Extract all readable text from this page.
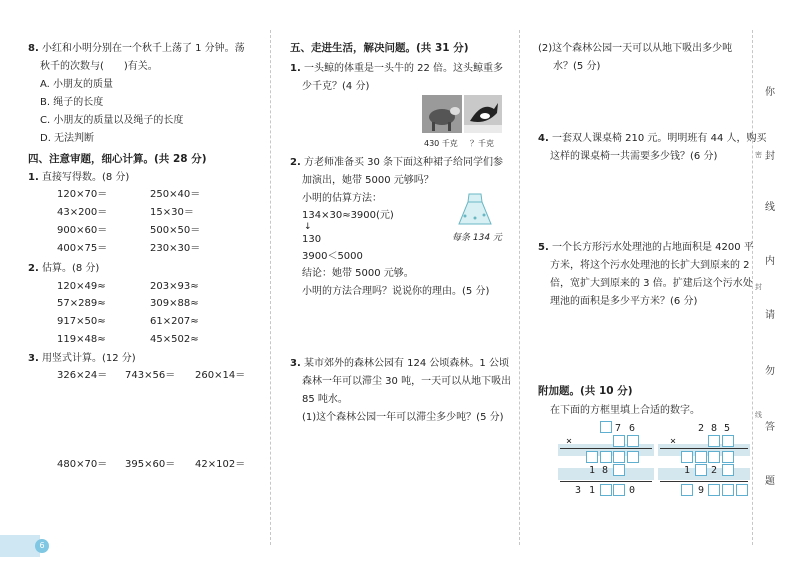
8. 小红和小明分别在一个秋千上荡了 1 分钟。荡
秋千的次数与(　　)有关。
A. 小朋友的质量
B. 绳子的长度
C. 小朋友的质量以及绳子的长度
D. 无法判断
四、注意审题，细心计算。(共 28 分)
1. 直接写得数。(8 分)
120×70＝	250×40＝
43×200＝	15×30＝
900×60＝	500×50＝
400×75＝	230×30＝
2. 估算。(8 分)
120×49≈	203×93≈
57×289≈	309×88≈
917×50≈	61×207≈
119×48≈	45×502≈
3. 用竖式计算。(12 分)
326×24＝ 743×56＝ 260×14＝
480×70＝ 395×60＝ 42×102＝
五、走进生活，解决问题。(共 31 分)
1. 一头鲸的体重是一头牛的 22 倍。这头鲸重多
少千克？(4 分)
430 千克 ？千克
2. 方老师准备买 30 条下面这种裙子给同学们参
加演出，她带 5000 元够吗？
小明的估算方法：
134×30≈3900(元)
↓
130
3900＜5000
结论：她带 5000 元够。
小明的方法合理吗？说说你的理由。(5 分)
每条 134 元
3. 某市郊外的森林公园有 124 公顷森林。1 公顷
森林一年可以滞尘 30 吨，一天可以从地下吸出
85 吨水。
(1)这个森林公园一年可以滞尘多少吨？(5 分)
(2)这个森林公园一天可以从地下吸出多少吨
水？(5 分)
4. 一套双人课桌椅 210 元。明明班有 44 人，购买
这样的课桌椅一共需要多少钱？(6 分)
5. 一个长方形污水处理池的占地面积是 4200 平
方米，将这个污水处理池的长扩大到原来的 2
倍，宽扩大到原来的 3 倍。扩建后这个污水处
理池的面积是多少平方米？(6 分)
附加题。(共 10 分)
在下面的方框里填上合适的数字。
7 6
×
1 8
3 1	0
2 8 5
×
1 2
9
你
封
线
内
请
勿
答
题
密
封
线
6
